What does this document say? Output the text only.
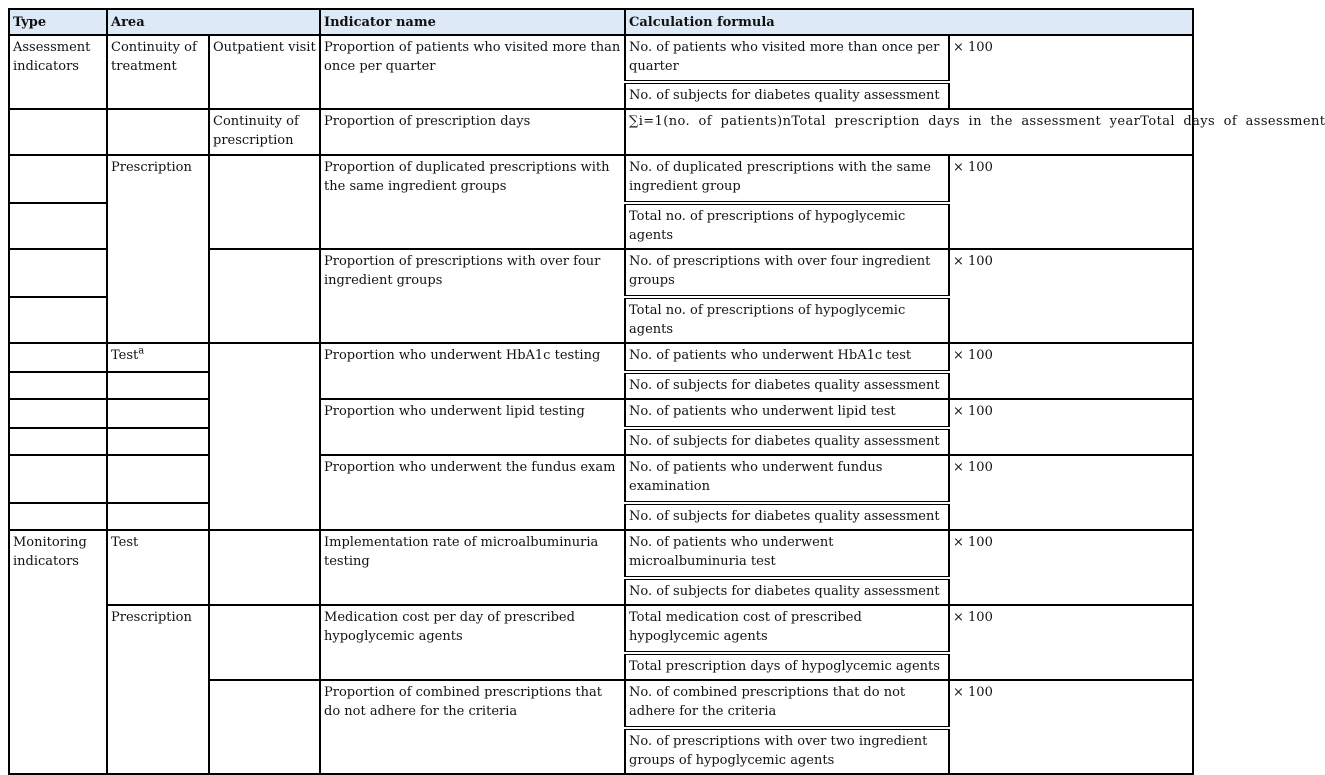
Type	Area		Indicator name	Calculation formula	
Assessment indicators	Continuity of treatment	Outpatient visit	Proportion of patients who visited more than once per quarter	No. of patients who visited more than once per quarter	× 100
				No. of subjects for diabetes quality assessment	
		Continuity of prescription	Proportion of prescription days	∑i=1(no. of patients)nTotal prescription days in the assessment yearTotal days of assessment	
	Prescription		Proportion of duplicated prescriptions with the same ingredient groups	No. of duplicated prescriptions with the same ingredient group	× 100
				Total no. of prescriptions of hypoglycemic agents	
			Proportion of prescriptions with over four ingredient groups	No. of prescriptions with over four ingredient groups	× 100
				Total no. of prescriptions of hypoglycemic agents	
	Test$^a$		Proportion who underwent HbA1c testing	No. of patients who underwent HbA1c test	× 100
				No. of subjects for diabetes quality assessment	
			Proportion who underwent lipid testing	No. of patients who underwent lipid test	× 100
				No. of subjects for diabetes quality assessment	
			Proportion who underwent the fundus exam	No. of patients who underwent fundus examination	× 100
				No. of subjects for diabetes quality assessment	
Monitoring indicators	Test		Implementation rate of microalbuminuria testing	No. of patients who underwent microalbuminuria test	× 100
				No. of subjects for diabetes quality assessment	
	Prescription		Medication cost per day of prescribed hypoglycemic agents	Total medication cost of prescribed hypoglycemic agents	× 100
				Total prescription days of hypoglycemic agents	
			Proportion of combined prescriptions that do not adhere for the criteria	No. of combined prescriptions that do not adhere for the criteria	× 100
				No. of prescriptions with over two ingredient groups of hypoglycemic agents	
